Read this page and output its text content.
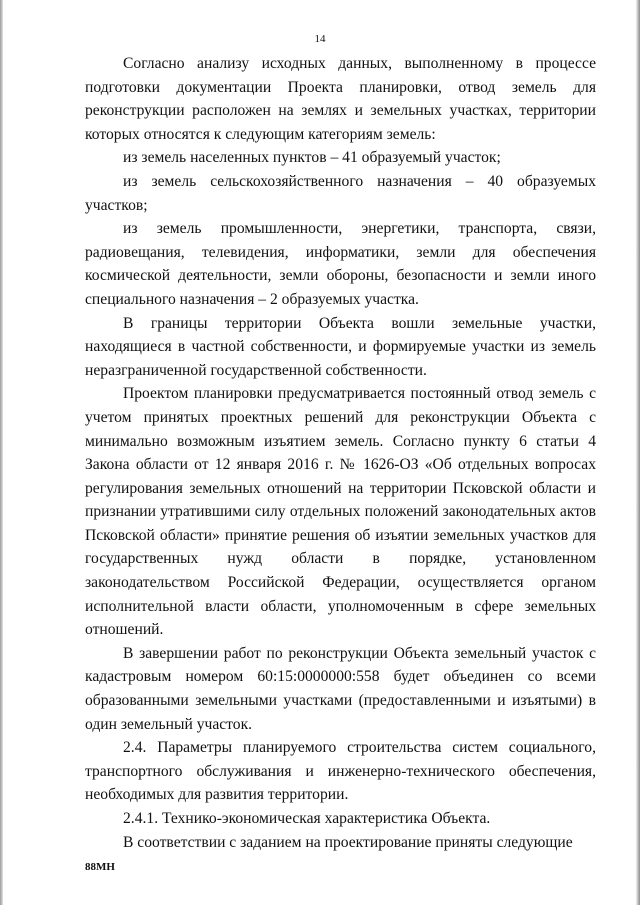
14

Согласно анализу исходных данных, выполненному в процессе подготовки документации Проекта планировки, отвод земель для реконструкции расположен на землях и земельных участках, территории которых относятся к следующим категориям земель:

из земель населенных пунктов – 41 образуемый участок;

из земель сельскохозяйственного назначения – 40 образуемых участков;

из земель промышленности, энергетики, транспорта, связи, радиовещания, телевидения, информатики, земли для обеспечения космической деятельности, земли обороны, безопасности и земли иного специального назначения – 2 образуемых участка.

В границы территории Объекта вошли земельные участки, находящиеся в частной собственности, и формируемые участки из земель неразграниченной государственной собственности.

Проектом планировки предусматривается постоянный отвод земель с учетом принятых проектных решений для реконструкции Объекта с минимально возможным изъятием земель. Согласно пункту 6 статьи 4 Закона области от 12 января 2016 г. № 1626-ОЗ «Об отдельных вопросах регулирования земельных отношений на территории Псковской области и признании утратившими силу отдельных положений законодательных актов Псковской области» принятие решения об изъятии земельных участков для государственных нужд области в порядке, установленном законодательством Российской Федерации, осуществляется органом исполнительной власти области, уполномоченным в сфере земельных отношений.

В завершении работ по реконструкции Объекта земельный участок с кадастровым номером 60:15:0000000:558 будет объединен со всеми образованными земельными участками (предоставленными и изъятыми) в один земельный участок.

2.4. Параметры планируемого строительства систем социального, транспортного обслуживания и инженерно-технического обеспечения, необходимых для развития территории.

2.4.1. Технико-экономическая характеристика Объекта.

В соответствии с заданием на проектирование приняты следующие

88МН
